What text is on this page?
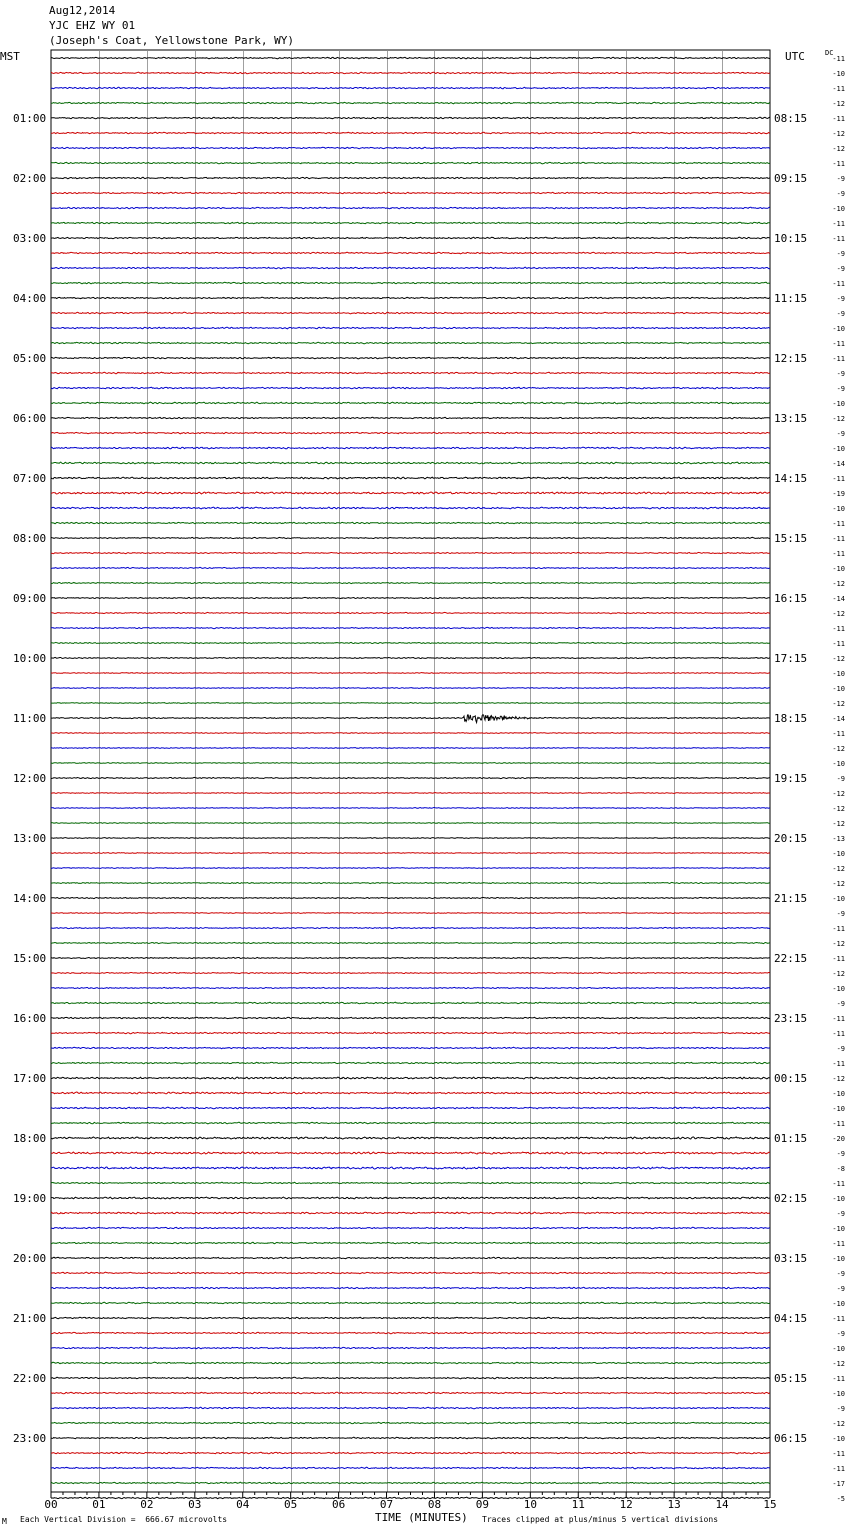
01:00
02:00
03:00
04:00
05:00
06:00
07:00
08:00
09:00
10:00
11:00
12:00
13:00
14:00
15:00
16:00
17:00
18:00
19:00
20:00
21:00
22:00
23:00
08:15
09:15
10:15
11:15
12:15
13:15
14:15
15:15
16:15
17:15
18:15
19:15
20:15
21:15
22:15
23:15
00:15
01:15
02:15
03:15
04:15
05:15
06:15
-11
-10
-11
-12
-11
-12
-12
-11
-9
-9
-10
-11
-11
-9
-9
-11
-9
-9
-10
-11
-11
-9
-9
-10
-12
-9
-10
-14
-11
-19
-10
-11
-11
-11
-10
-12
-14
-12
-11
-11
-12
-10
-10
-12
-14
-11
-12
-10
-9
-12
-12
-12
-13
-10
-12
-12
-10
-9
-11
-12
-11
-12
-10
-9
-11
-11
-9
-11
-12
-10
-10
-11
-20
-9
-8
-11
-10
-9
-10
-11
-10
-9
-9
-10
-11
-9
-10
-12
-11
-10
-9
-12
-10
-11
-11
-17
-5
00	01	02	03	04	05	06	07	08	09	10	11	12	13	14	15
Aug12,2014
YJC EHZ WY 01
(Joseph's Coat, Yellowstone Park, WY)
MST	UTC	DC
TIME (MINUTES)
M Each Vertical Division =  666.67 microvolts	Traces clipped at plus/minus 5 vertical divisions
